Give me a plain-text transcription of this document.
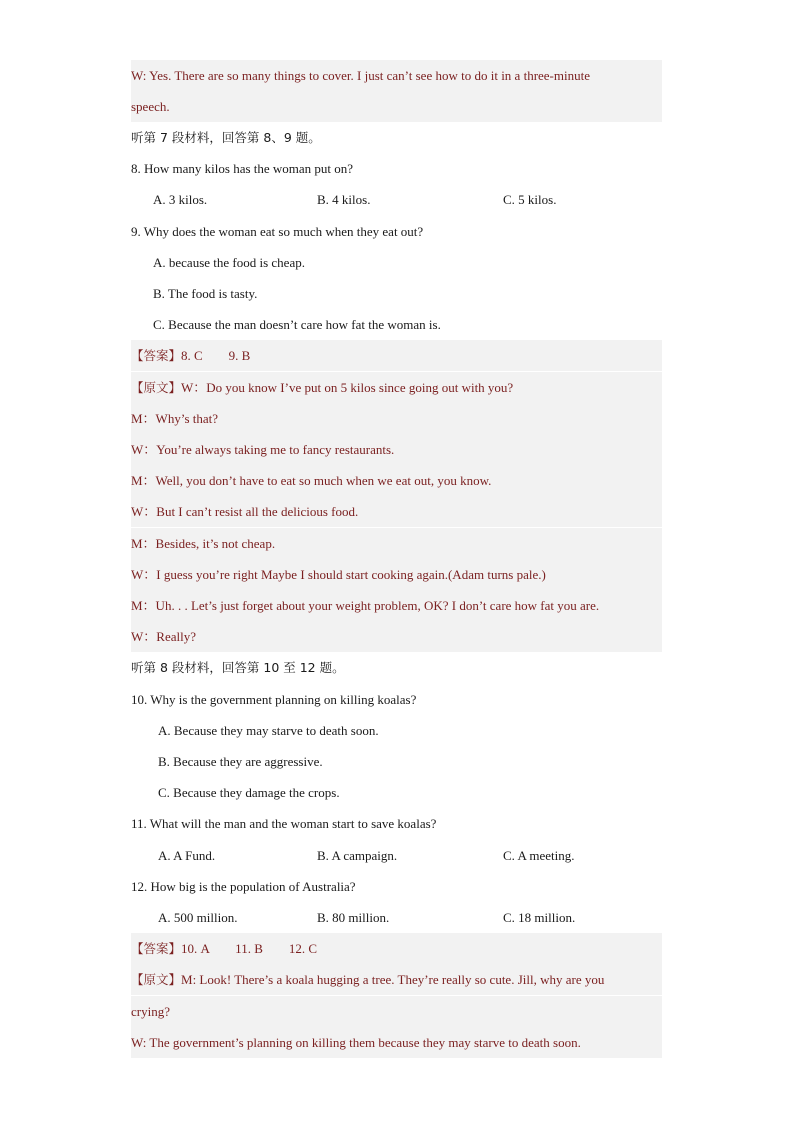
W: Yes. There are so many things to cover. I just can’t see how to do it in a three-minute
speech.
听第 7 段材料，回答第 8、9 题。
8. How many kilos has the woman put on?
A. 3 kilos.	B. 4 kilos.	C. 5 kilos.
9. Why does the woman eat so much when they eat out?
A. because the food is cheap.
B. The food is tasty.
C. Because the man doesn’t care how fat the woman is.
【答案】8. C        9. B
【原文】W：Do you know I’ve put on 5 kilos since going out with you?
M：Why’s that?
W：You’re always taking me to fancy restaurants.
M：Well, you don’t have to eat so much when we eat out, you know.
W：But I can’t resist all the delicious food.
M：Besides, it’s not cheap.
W：I guess you’re right Maybe I should start cooking again.(Adam turns pale.)
M：Uh. . . Let’s just forget about your weight problem, OK? I don’t care how fat you are.
W：Really?
听第 8 段材料，回答第 10 至 12 题。
10. Why is the government planning on killing koalas?
A. Because they may starve to death soon.
B. Because they are aggressive.
C. Because they damage the crops.
11. What will the man and the woman start to save koalas?
A. A Fund.	B. A campaign.	C. A meeting.
12. How big is the population of Australia?
A. 500 million.	B. 80 million.	C. 18 million.
【答案】10. A        11. B        12. C
【原文】M: Look! There’s a koala hugging a tree. They’re really so cute. Jill, why are you
crying?
W: The government’s planning on killing them because they may starve to death soon.
